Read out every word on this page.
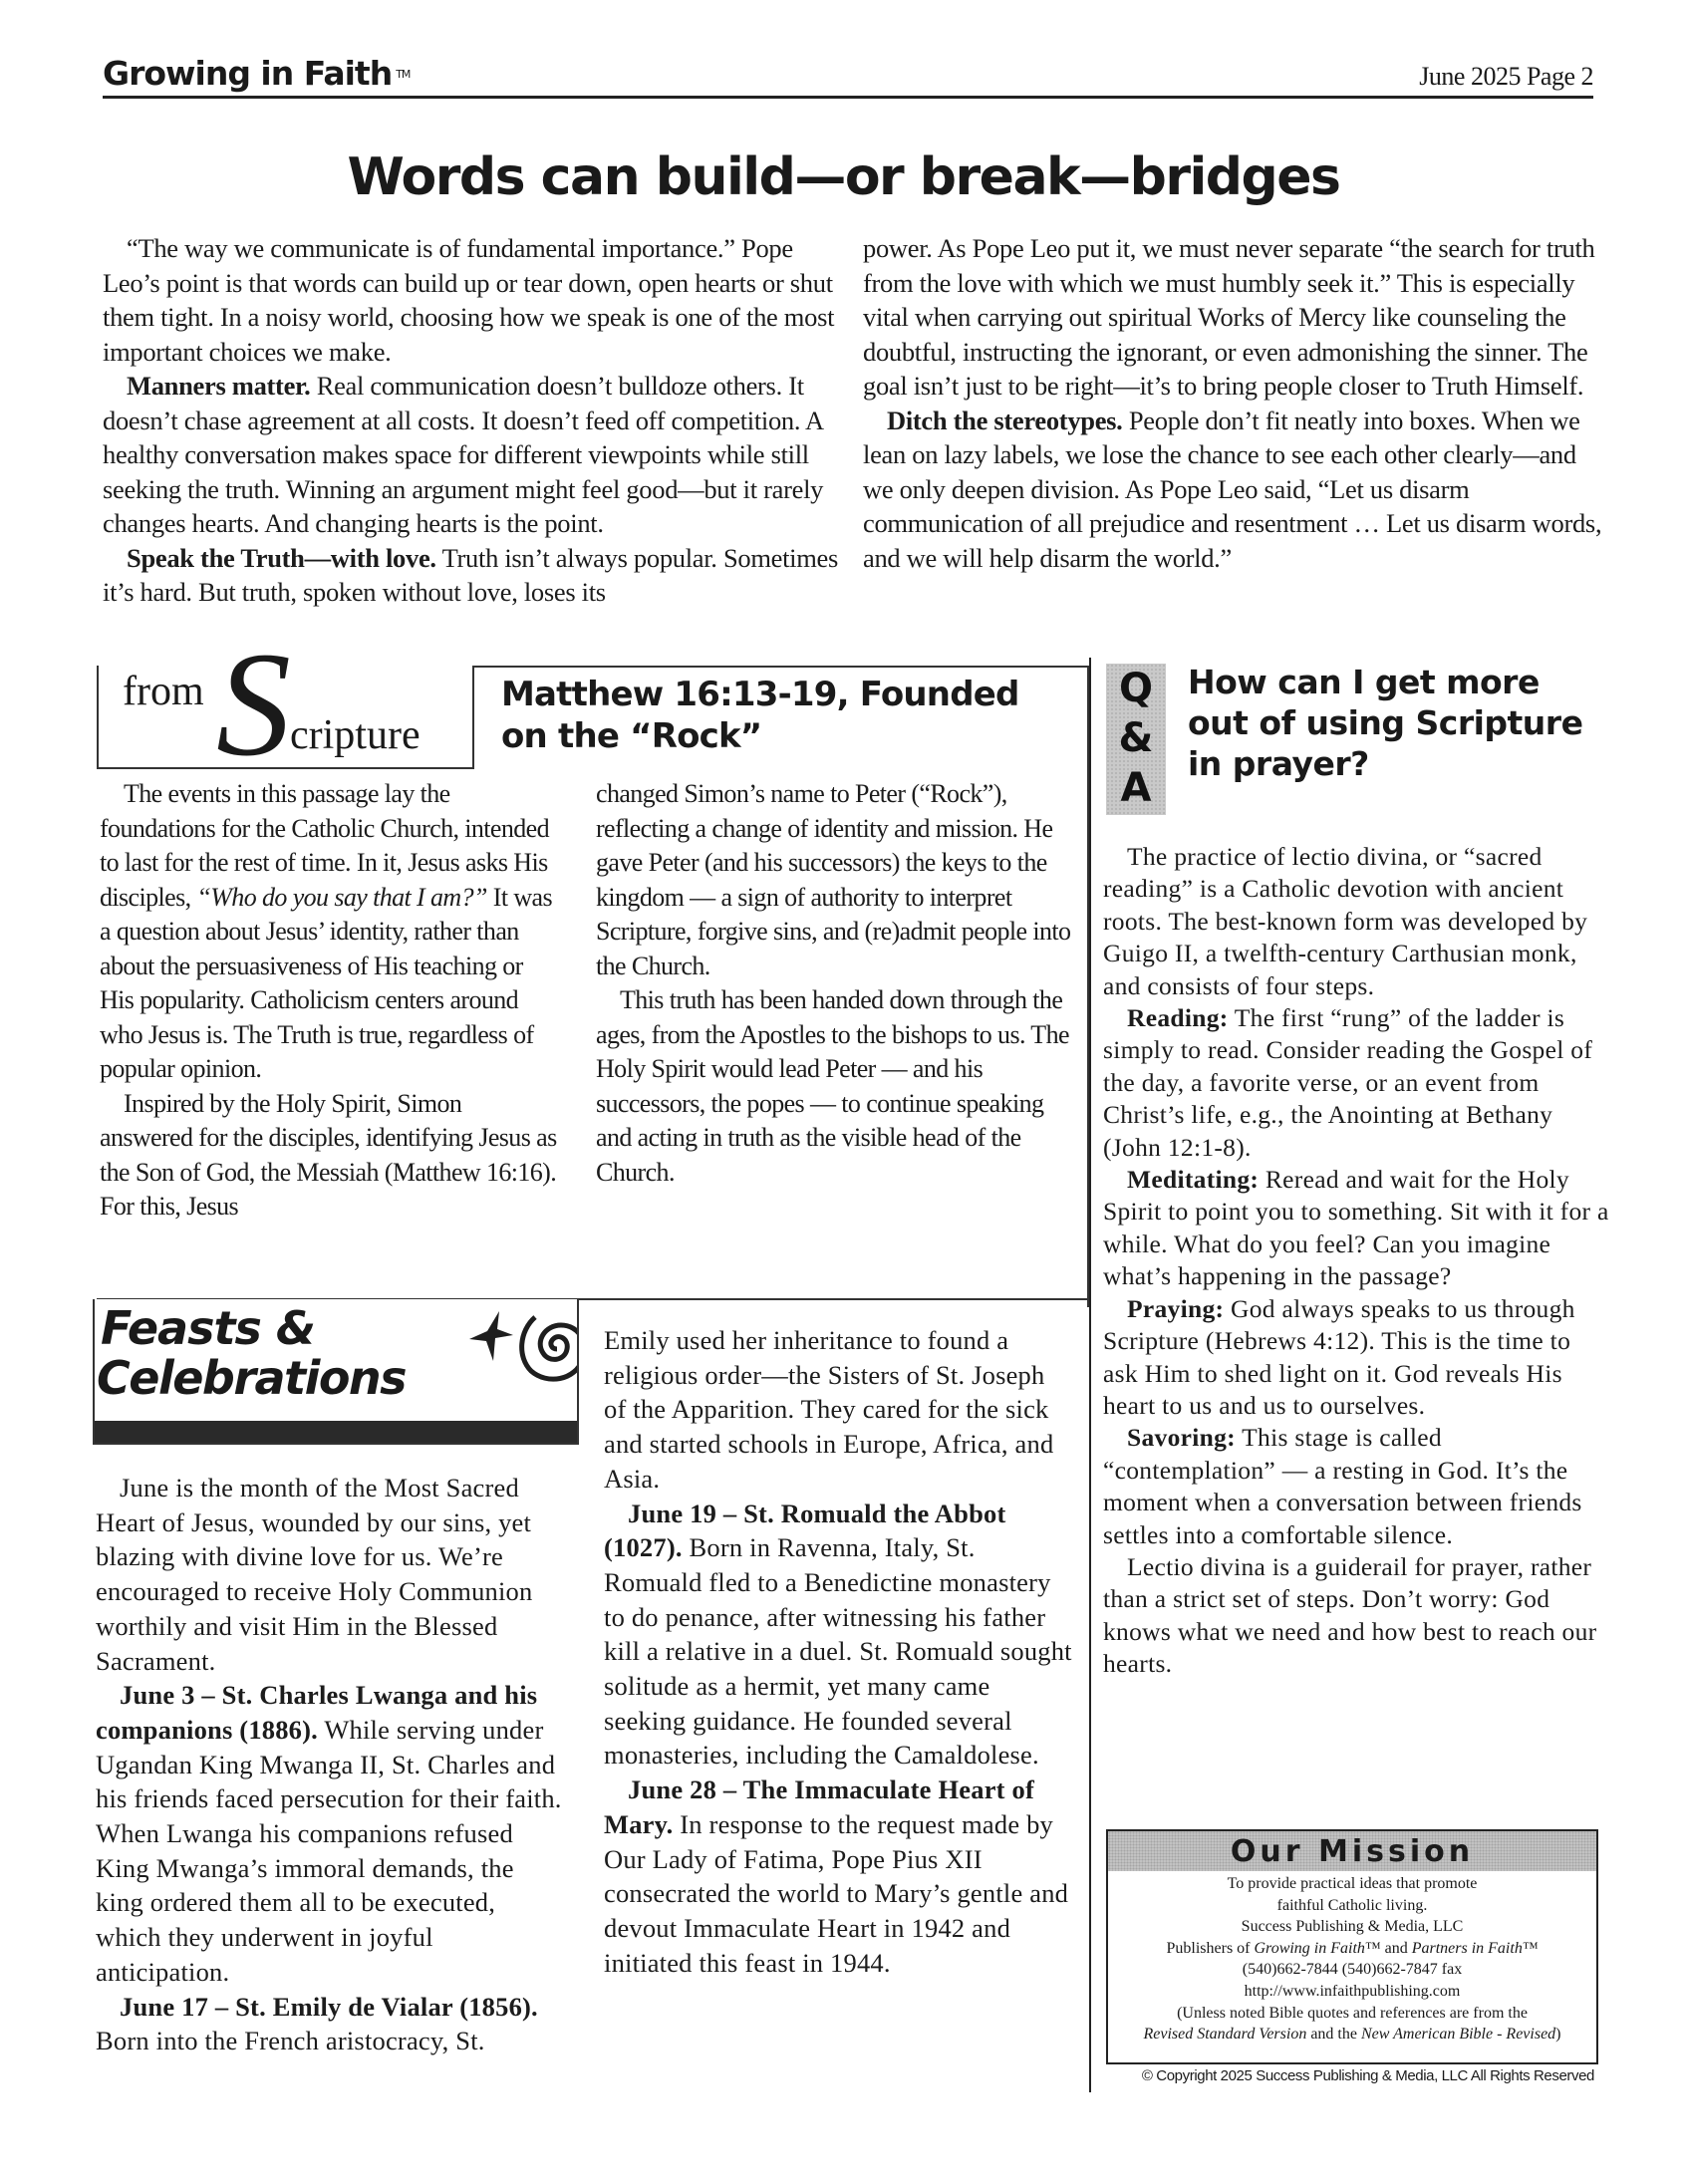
Growing in Faith ™	June 2025 Page 2
Words can build—or break—bridges

“The way we communicate is of fundamental importance.” Pope Leo’s point is that words can build up or tear down, open hearts or shut them tight. In a noisy world, choosing how we speak is one of the most important choices we make.

Manners matter. Real communication doesn’t bulldoze others. It doesn’t chase agreement at all costs. It doesn’t feed off competition. A healthy conversation makes space for different viewpoints while still seeking the truth. Winning an argument might feel good—but it rarely changes hearts. And changing hearts is the point.

Speak the Truth—with love. Truth isn’t always popular. Sometimes it’s hard. But truth, spoken without love, loses its

power. As Pope Leo put it, we must never separate “the search for truth from the love with which we must humbly seek it.” This is especially vital when carrying out spiritual Works of Mercy like counseling the doubtful, instructing the ignorant, or even admonishing the sinner. The goal isn’t just to be right—it’s to bring people closer to Truth Himself.

Ditch the stereotypes. People don’t fit neatly into boxes. When we lean on lazy labels, we lose the chance to see each other clearly—and we only deepen division. As Pope Leo said, “Let us disarm communication of all prejudice and resentment … Let us disarm words, and we will help disarm the world.”

from S cripture
Matthew 16:13-19, Founded on the “Rock”

The events in this passage lay the foundations for the Catholic Church, intended to last for the rest of time. In it, Jesus asks His disciples, “Who do you say that I am?” It was a question about Jesus’ identity, rather than about the persuasiveness of His teaching or His popularity. Catholicism centers around who Jesus is. The Truth is true, regardless of popular opinion.

Inspired by the Holy Spirit, Simon answered for the disciples, identifying Jesus as the Son of God, the Messiah (Matthew 16:16). For this, Jesus

changed Simon’s name to Peter (“Rock”), reflecting a change of identity and mission. He gave Peter (and his successors) the keys to the kingdom — a sign of authority to interpret Scripture, forgive sins, and (re)admit people into the Church.

This truth has been handed down through the ages, from the Apostles to the bishops to us. The Holy Spirit would lead Peter — and his successors, the popes — to continue speaking and acting in truth as the visible head of the Church.

Feasts &
Celebrations

June is the month of the Most Sacred Heart of Jesus, wounded by our sins, yet blazing with divine love for us. We’re encouraged to receive Holy Communion worthily and visit Him in the Blessed Sacrament.

June 3 – St. Charles Lwanga and his companions (1886). While serving under Ugandan King Mwanga II, St. Charles and his friends faced persecution for their faith. When Lwanga his companions refused King Mwanga’s immoral demands, the king ordered them all to be executed, which they underwent in joyful anticipation.

June 17 – St. Emily de Vialar (1856). Born into the French aristocracy, St.

Emily used her inheritance to found a religious order—the Sisters of St. Joseph of the Apparition. They cared for the sick and started schools in Europe, Africa, and Asia.

June 19 – St. Romuald the Abbot (1027). Born in Ravenna, Italy, St. Romuald fled to a Benedictine monastery to do penance, after witnessing his father kill a relative in a duel. St. Romuald sought solitude as a hermit, yet many came seeking guidance. He founded several monasteries, including the Camaldolese.

June 28 – The Immaculate Heart of Mary. In response to the request made by Our Lady of Fatima, Pope Pius XII consecrated the world to Mary’s gentle and devout Immaculate Heart in 1942 and initiated this feast in 1944.

Q
&
A
How can I get more out of using Scripture in prayer?

The practice of lectio divina, or “sacred reading” is a Catholic devotion with ancient roots. The best-known form was developed by Guigo II, a twelfth-century Carthusian monk, and consists of four steps.

Reading: The first “rung” of the ladder is simply to read. Consider reading the Gospel of the day, a favorite verse, or an event from Christ’s life, e.g., the Anointing at Bethany (John 12:1-8).

Meditating: Reread and wait for the Holy Spirit to point you to something. Sit with it for a while. What do you feel? Can you imagine what’s happening in the passage?

Praying: God always speaks to us through Scripture (Hebrews 4:12). This is the time to ask Him to shed light on it. God reveals His heart to us and us to ourselves.

Savoring: This stage is called “contemplation” — a resting in God. It’s the moment when a conversation between friends settles into a comfortable silence.

Lectio divina is a guiderail for prayer, rather than a strict set of steps. Don’t worry: God knows what we need and how best to reach our hearts.

Our Mission
To provide practical ideas that promote
faithful Catholic living.
Success Publishing & Media, LLC
Publishers of Growing in Faith™ and Partners in Faith™
(540)662-7844 (540)662-7847 fax
http://www.infaithpublishing.com
(Unless noted Bible quotes and references are from the
Revised Standard Version and the New American Bible - Revised)
© Copyright 2025 Success Publishing & Media, LLC All Rights Reserved
